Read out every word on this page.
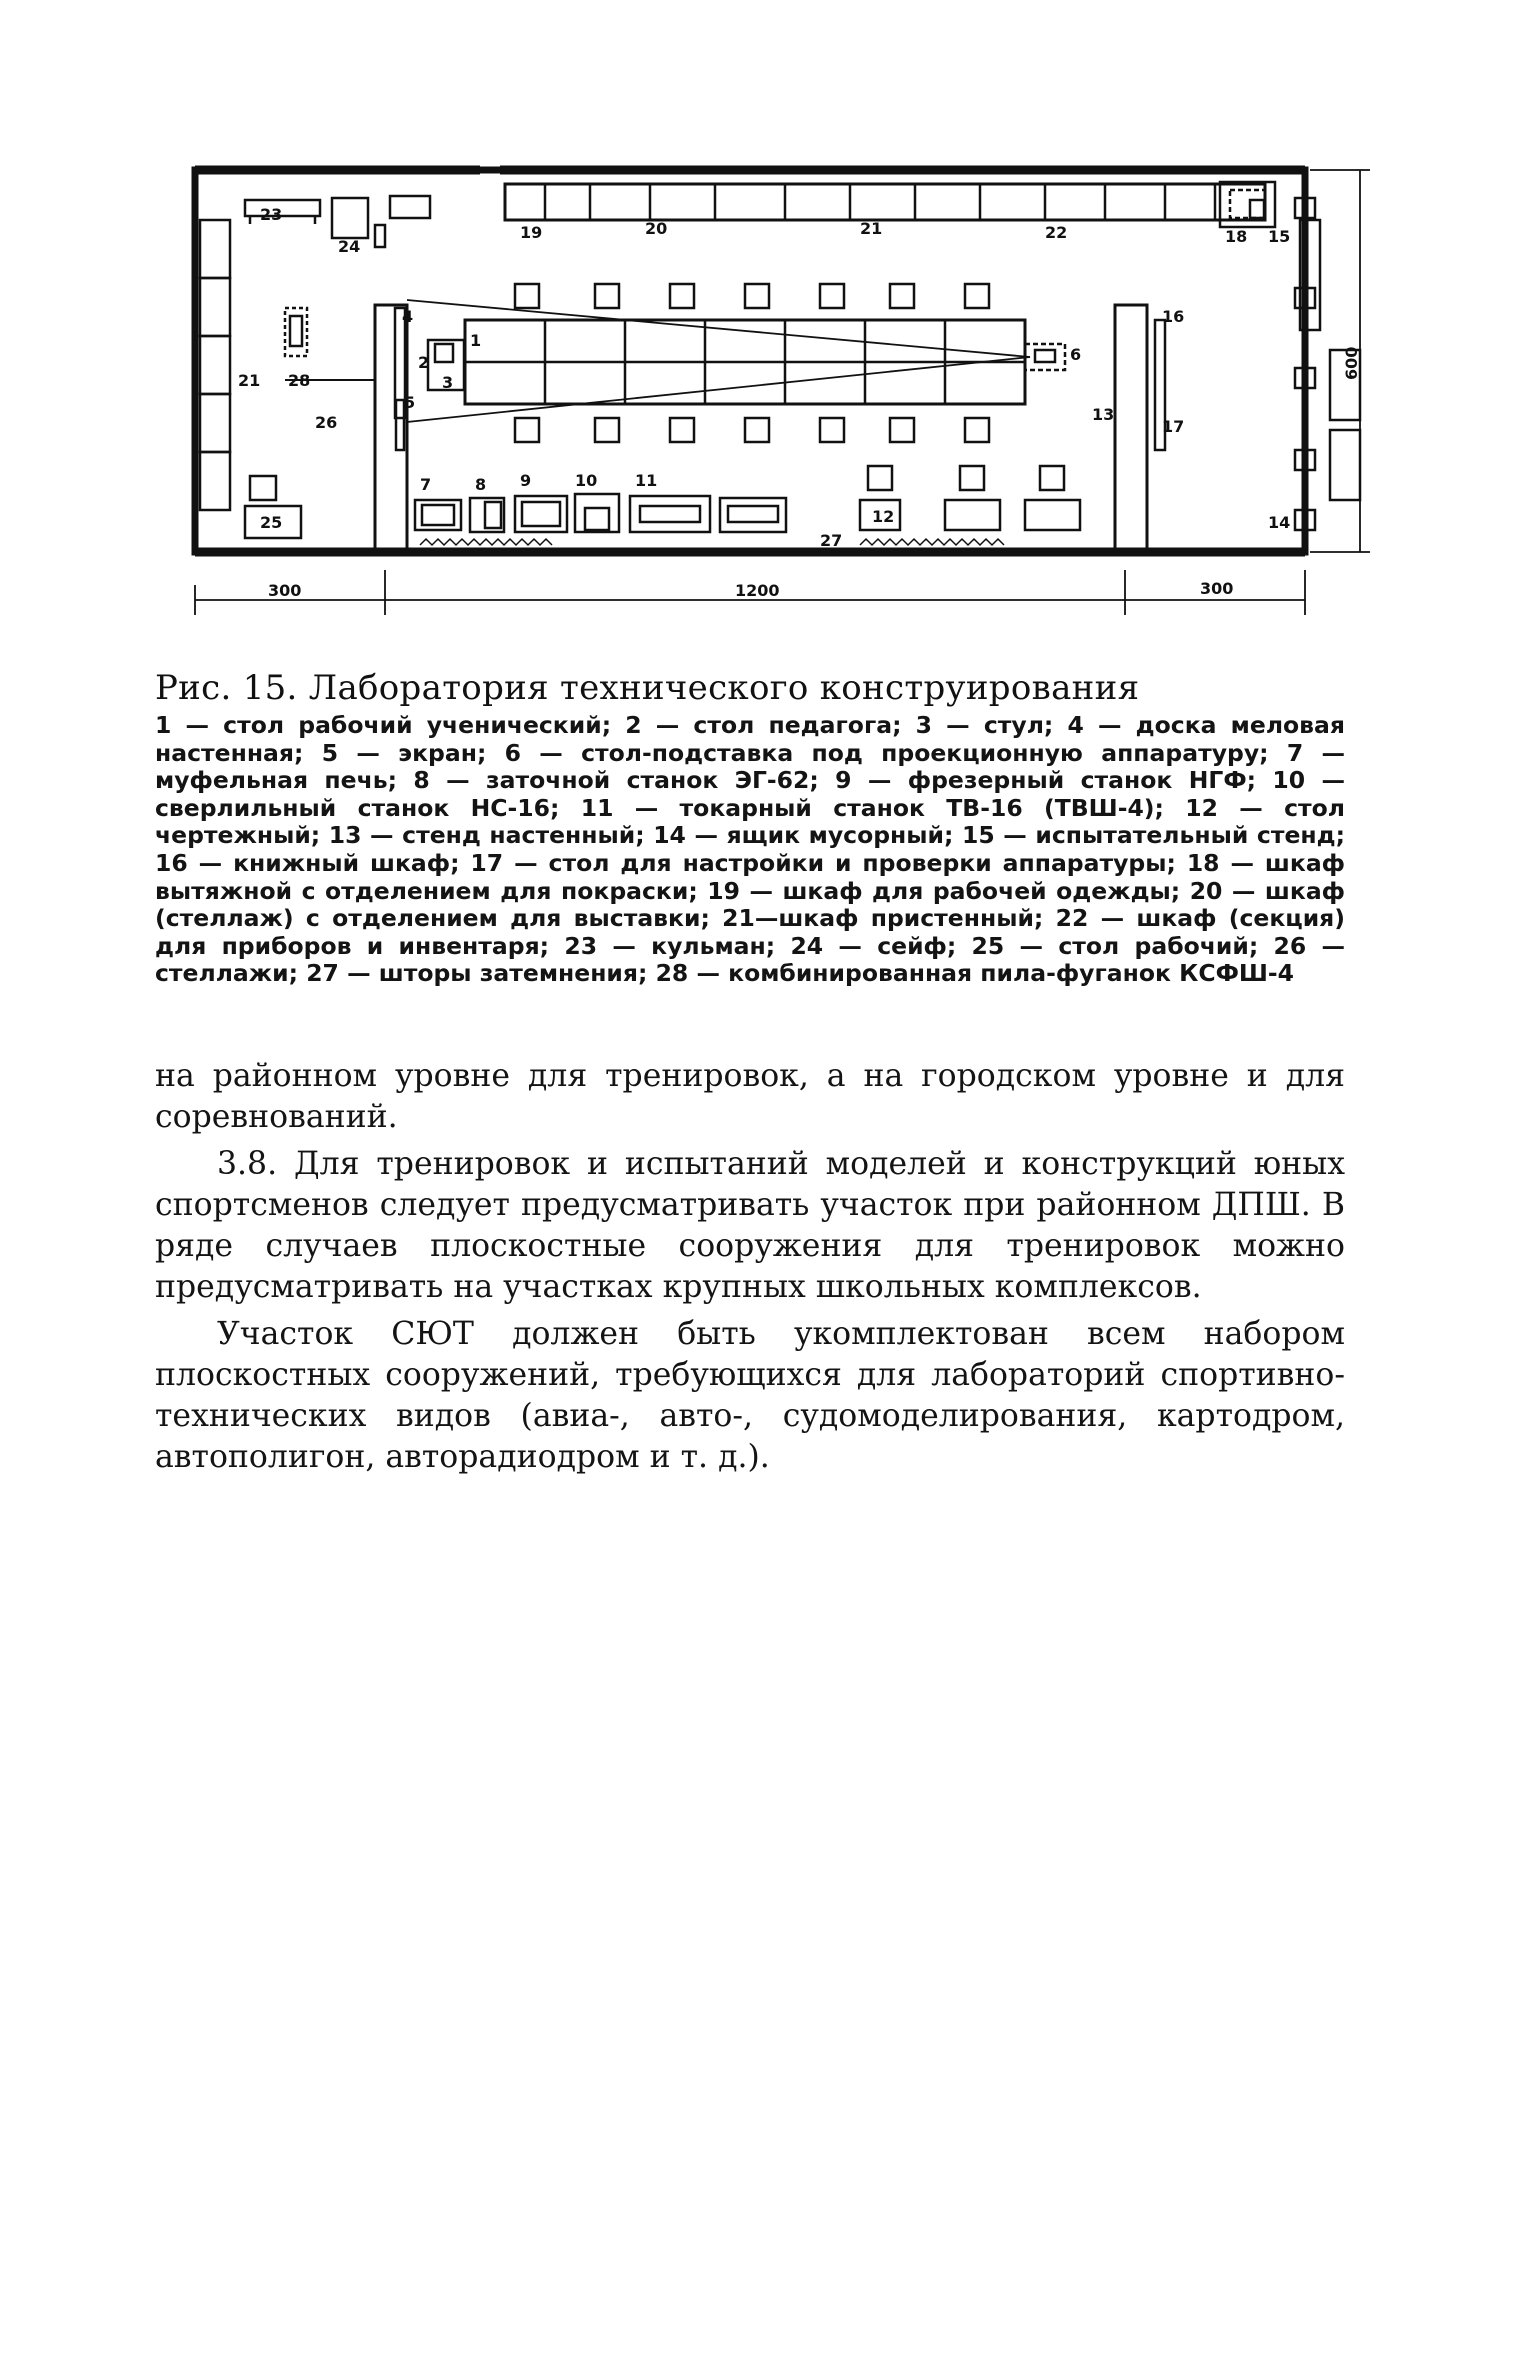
1
2
3
4
5
6
7	8 9	10 11
12
13
14
15
16
17
18
19	20	21	22
23
24
25
26
27
28
21
300	1200	300
600

Рис. 15. Лаборатория технического конструирования

1 — стол рабочий ученический; 2 — стол педагога; 3 — стул; 4 — доска меловая настенная; 5 — экран; 6 — стол-подставка под проекционную аппаратуру; 7 — муфельная печь; 8 — заточной станок ЭГ-62; 9 — фрезерный станок НГФ; 10 — сверлильный станок НС-16; 11 — токарный станок ТВ-16 (ТВШ-4); 12 — стол чертежный; 13 — стенд настенный; 14 — ящик мусорный; 15 — испытательный стенд; 16 — книжный шкаф; 17 — стол для настройки и проверки аппаратуры; 18 — шкаф вытяжной с отделением для покраски; 19 — шкаф для рабочей одежды; 20 — шкаф (стеллаж) с отделением для выставки; 21—шкаф пристенный; 22 — шкаф (секция) для приборов и инвентаря; 23 — кульман; 24 — сейф; 25 — стол рабочий; 26 — стеллажи; 27 — шторы затемнения; 28 — комбинированная пила-фуганок КСФШ-4

на районном уровне для тренировок, а на городском уровне и для соревнований.

3.8. Для тренировок и испытаний моделей и конструкций юных спортсменов следует предусматривать участок при районном ДПШ. В ряде случаев плоскостные сооружения для тренировок можно предусматривать на участках крупных школьных комплексов.

Участок СЮТ должен быть укомплектован всем набором плоскостных сооружений, требующихся для лабораторий спортивно-технических видов (авиа-, авто-, судомоделирования, картодром, автополигон, авторадиодром и т. д.).
